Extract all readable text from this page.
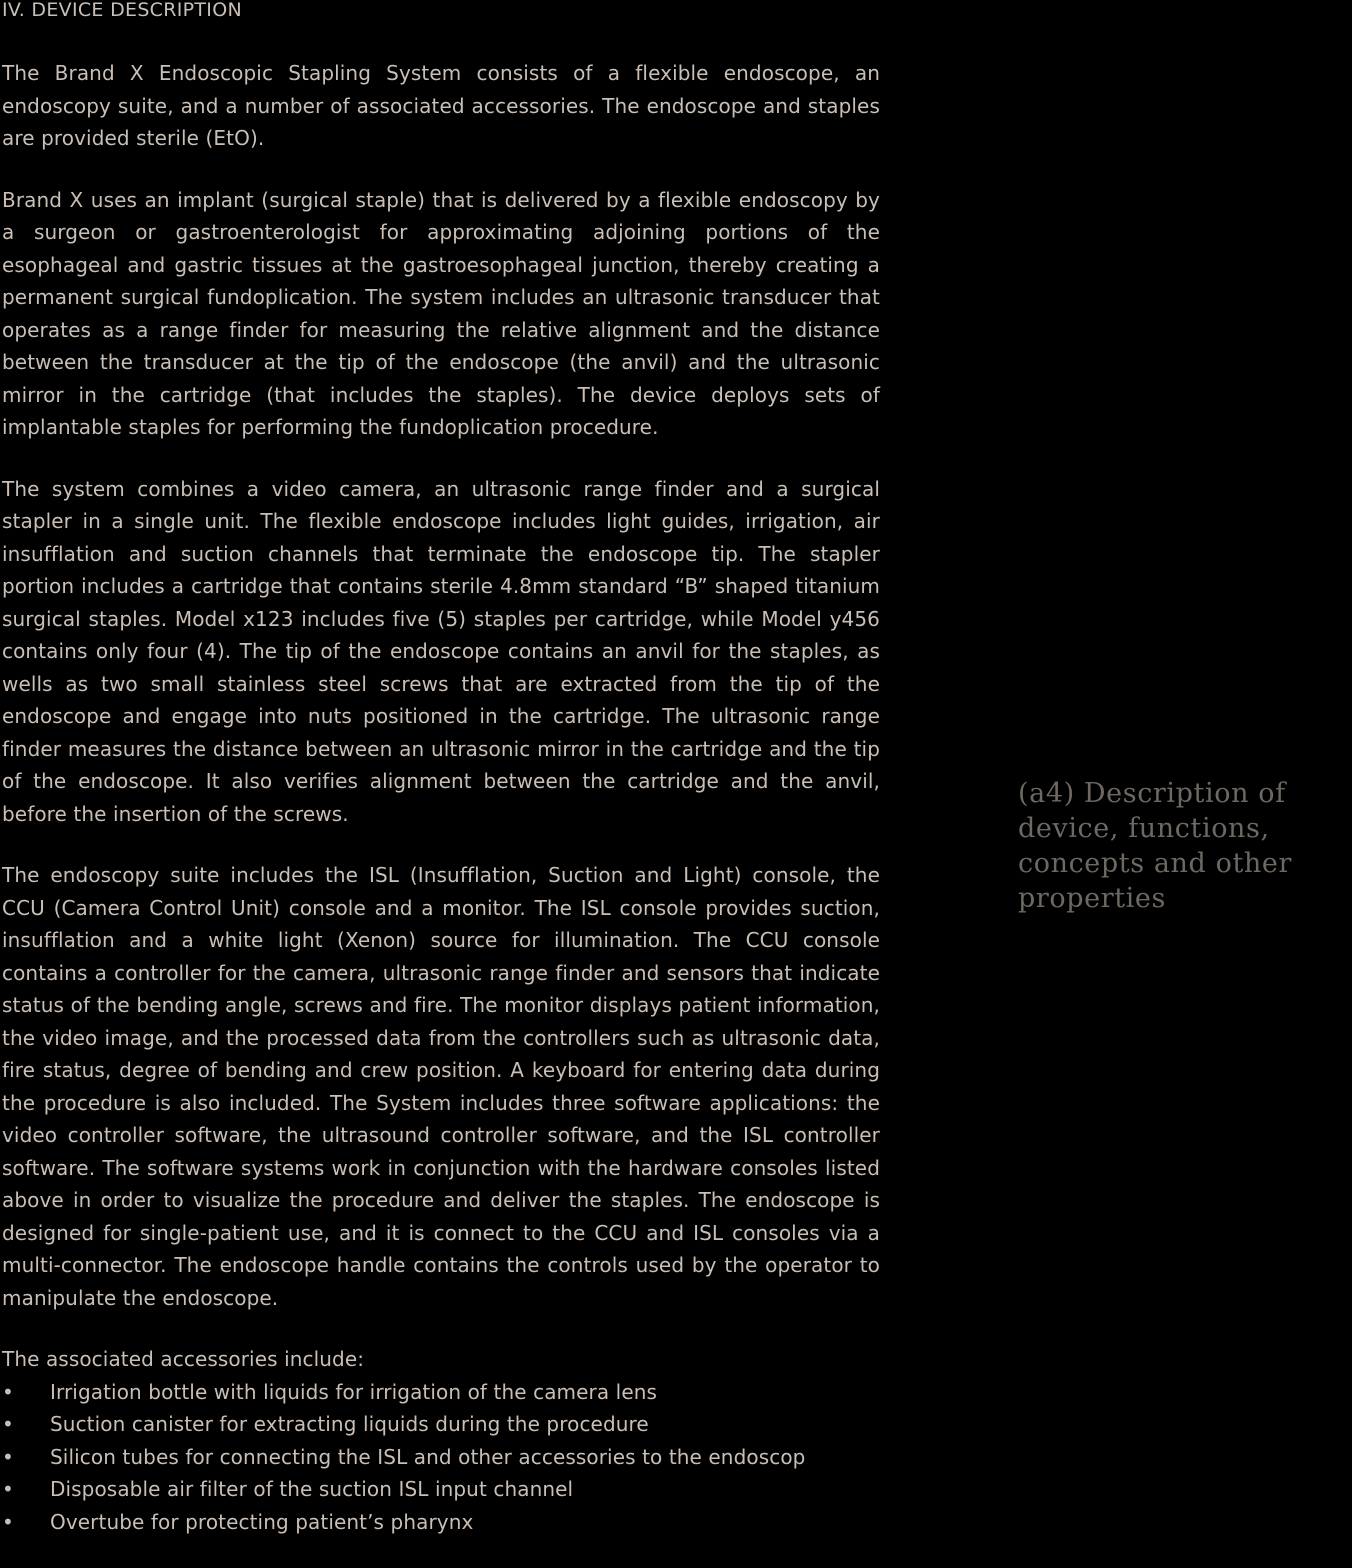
IV. DEVICE DESCRIPTION

The Brand X Endoscopic Stapling System consists of a flexible endoscope, an endoscopy suite, and a number of associated accessories. The endoscope and staples are provided sterile (EtO).

Brand X uses an implant (surgical staple) that is delivered by a flexible endoscopy by a surgeon or gastroenterologist for approximating adjoining portions of the esophageal and gastric tissues at the gastroesophageal junction, thereby creating a permanent surgical fundoplication. The system includes an ultrasonic transducer that operates as a range finder for measuring the relative alignment and the distance between the transducer at the tip of the endoscope (the anvil) and the ultrasonic mirror in the cartridge (that includes the staples). The device deploys sets of implantable staples for performing the fundoplication procedure.

The system combines a video camera, an ultrasonic range finder and a surgical stapler in a single unit. The flexible endoscope includes light guides, irrigation, air insufflation and suction channels that terminate the endoscope tip. The stapler portion includes a cartridge that contains sterile 4.8mm standard “B” shaped titanium surgical staples. Model x123 includes five (5) staples per cartridge, while Model y456 contains only four (4). The tip of the endoscope contains an anvil for the staples, as wells as two small stainless steel screws that are extracted from the tip of the endoscope and engage into nuts positioned in the cartridge. The ultrasonic range finder measures the distance between an ultrasonic mirror in the cartridge and the tip of the endoscope. It also verifies alignment between the cartridge and the anvil, before the insertion of the screws.

The endoscopy suite includes the ISL (Insufflation, Suction and Light) console, the CCU (Camera Control Unit) console and a monitor. The ISL console provides suction, insufflation and a white light (Xenon) source for illumination. The CCU console contains a controller for the camera, ultrasonic range finder and sensors that indicate status of the bending angle, screws and fire. The monitor displays patient information, the video image, and the processed data from the controllers such as ultrasonic data, fire status, degree of bending and crew position. A keyboard for entering data during the procedure is also included. The System includes three software applications: the video controller software, the ultrasound controller software, and the ISL controller software. The software systems work in conjunction with the hardware consoles listed above in order to visualize the procedure and deliver the staples. The endoscope is designed for single-patient use, and it is connect to the CCU and ISL consoles via a multi-connector. The endoscope handle contains the controls used by the operator to manipulate the endoscope.

The associated accessories include:

•	Irrigation bottle with liquids for irrigation of the camera lens
•	Suction canister for extracting liquids during the procedure
•	Silicon tubes for connecting the ISL and other accessories to the endoscop
•	Disposable air filter of the suction ISL input channel
•	Overtube for protecting patient’s pharynx
(a4) Description of device, functions, concepts and other properties
